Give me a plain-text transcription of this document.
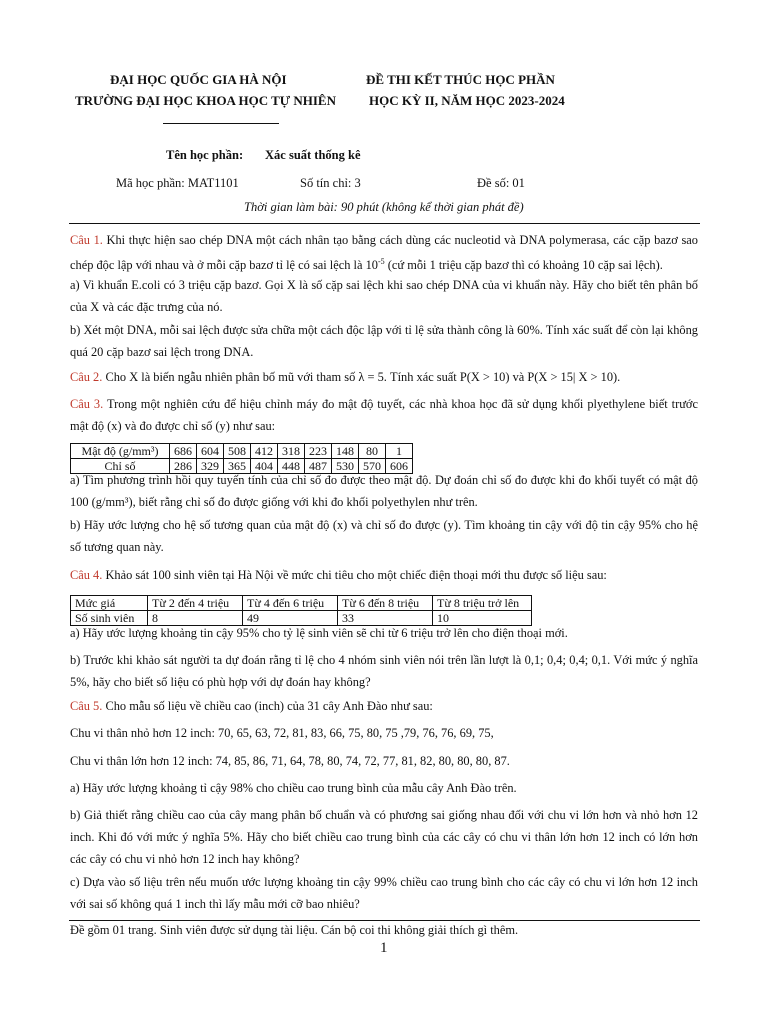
ĐẠI HỌC QUỐC GIA HÀ NỘI
TRƯỜNG ĐẠI HỌC KHOA HỌC TỰ NHIÊN
ĐỀ THI KẾT THÚC HỌC PHẦN
HỌC KỲ II, NĂM HỌC 2023-2024
Tên học phần: Xác suất thống kê
Mã học phần: MAT1101	Số tín chỉ: 3	Đề số: 01
Thời gian làm bài: 90 phút (không kể thời gian phát đề)

Câu 1. Khi thực hiện sao chép DNA một cách nhân tạo bằng cách dùng các nucleotid và DNA polymerasa, các cặp bazơ sao chép độc lập với nhau và ở mỗi cặp bazơ tỉ lệ có sai lệch là $10^{-5}$ (cứ mỗi 1 triệu cặp bazơ thì có khoảng 10 cặp sai lệch).

a) Vi khuẩn E.coli có 3 triệu cặp bazơ. Gọi X là số cặp sai lệch khi sao chép DNA của vi khuẩn này. Hãy cho biết tên phân bố của X và các đặc trưng của nó.

b) Xét một DNA, mỗi sai lệch được sửa chữa một cách độc lập với tỉ lệ sửa thành công là 60%. Tính xác suất để còn lại không quá 20 cặp bazơ sai lệch trong DNA.

Câu 2. Cho X là biến ngẫu nhiên phân bố mũ với tham số λ = 5. Tính xác suất P(X > 10) và P(X > 15| X > 10).

Câu 3. Trong một nghiên cứu để hiệu chỉnh máy đo mật độ tuyết, các nhà khoa học đã sử dụng khối plyethylene biết trước mật độ (x) và đo được chỉ số (y) như sau:

Mật độ (g/mm³)	686	604	508	412	318	223	148	80	1
Chỉ số	286	329	365	404	448	487	530	570	606

a) Tìm phương trình hồi quy tuyến tính của chỉ số đo được theo mật độ. Dự đoán chỉ số đo được khi đo khối tuyết có mật độ 100 (g/mm³), biết rằng chỉ số đo được giống với khi đo khối polyethylen như trên.

b) Hãy ước lượng cho hệ số tương quan của mật độ (x) và chỉ số đo được (y). Tìm khoảng tin cậy với độ tin cậy 95% cho hệ số tương quan này.

Câu 4. Khảo sát 100 sinh viên tại Hà Nội về mức chi tiêu cho một chiếc điện thoại mới thu được số liệu sau:

Mức giá	Từ 2 đến 4 triệu	Từ 4 đến 6 triệu	Từ 6 đến 8 triệu	Từ 8 triệu trở lên
Số sinh viên	8	49	33	10

a) Hãy ước lượng khoảng tin cậy 95% cho tỷ lệ sinh viên sẽ chi từ 6 triệu trở lên cho điện thoại mới.

b) Trước khi khảo sát người ta dự đoán rằng tỉ lệ cho 4 nhóm sinh viên nói trên lần lượt là 0,1; 0,4; 0,4; 0,1. Với mức ý nghĩa 5%, hãy cho biết số liệu có phù hợp với dự đoán hay không?

Câu 5. Cho mẫu số liệu về chiều cao (inch) của 31 cây Anh Đào như sau:

Chu vi thân nhỏ hơn 12 inch: 70, 65, 63, 72, 81, 83, 66, 75, 80, 75 ,79, 76, 76, 69, 75,

Chu vi thân lớn hơn 12 inch: 74, 85, 86, 71, 64, 78, 80, 74, 72, 77, 81, 82, 80, 80, 80, 87.

a) Hãy ước lượng khoảng tỉ cậy 98% cho chiều cao trung bình của mẫu cây Anh Đào trên.

b) Giả thiết rằng chiều cao của cây mang phân bố chuẩn và có phương sai giống nhau đối với chu vi lớn hơn và nhỏ hơn 12 inch. Khi đó với mức ý nghĩa 5%. Hãy cho biết chiều cao trung bình của các cây có chu vi thân lớn hơn 12 inch có lớn hơn các cây có chu vi nhỏ hơn 12 inch hay không?

c) Dựa vào số liệu trên nếu muốn ước lượng khoảng tin cậy 99% chiều cao trung bình cho các cây có chu vi lớn hơn 12 inch với sai số không quá 1 inch thì lấy mẫu mới cỡ bao nhiêu?

Đề gồm 01 trang. Sinh viên được sử dụng tài liệu. Cán bộ coi thi không giải thích gì thêm.
1
